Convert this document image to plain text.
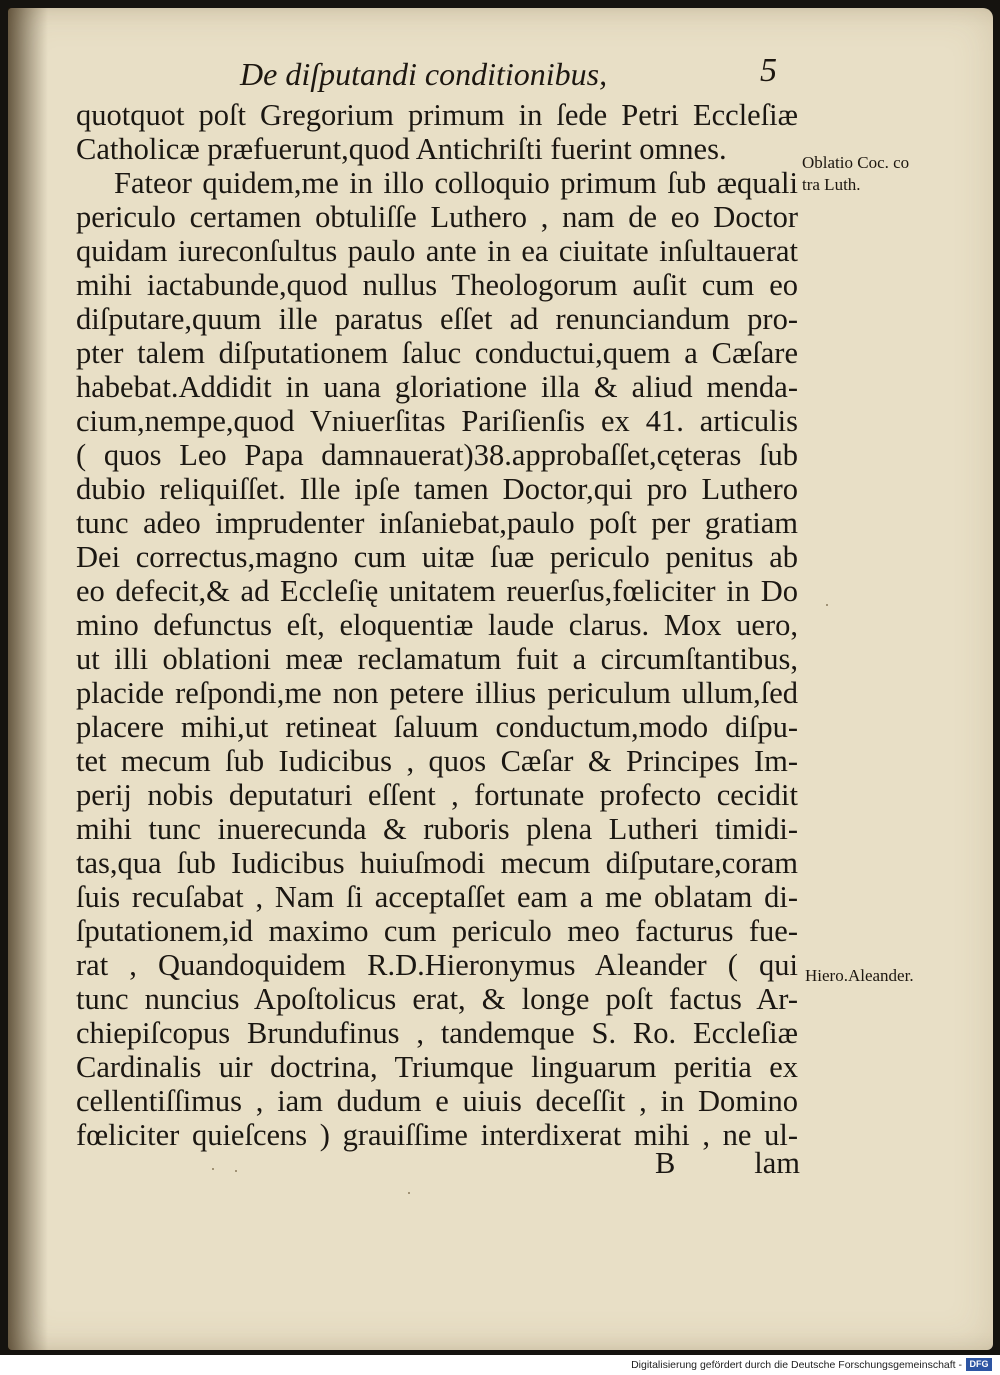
De diſputandi conditionibus,	5
quotquot poſt Gregorium primum in ſede Petri Eccleſiæ
Catholicæ præfuerunt,quod Antichriſti fuerint omnes.
Fateor quidem,me in illo colloquio primum ſub æquali
periculo certamen obtuliſſe Luthero , nam de eo Doctor
quidam iureconſultus paulo ante in ea ciuitate inſultauerat
mihi iactabunde,quod nullus Theologorum auſit cum eo
diſputare,quum ille paratus eſſet ad renunciandum pro-
pter talem diſputationem ſaluc conductui,quem a Cæſare
habebat.Addidit in uana gloriatione illa & aliud menda-
cium,nempe,quod Vniuerſitas Pariſienſis ex 41. articulis
( quos Leo Papa damnauerat)38.approbaſſet,cęteras ſub
dubio reliquiſſet. Ille ipſe tamen Doctor,qui pro Luthero
tunc adeo imprudenter inſaniebat,paulo poſt per gratiam
Dei correctus,magno cum uitæ ſuæ periculo penitus ab
eo defecit,& ad Eccleſię unitatem reuerſus,fœliciter in Do
mino defunctus eſt, eloquentiæ laude clarus. Mox uero,
ut illi oblationi meæ reclamatum fuit a circumſtantibus,
placide reſpondi,me non petere illius periculum ullum,ſed
placere mihi,ut retineat ſaluum conductum,modo diſpu-
tet mecum ſub Iudicibus , quos Cæſar & Principes Im-
perij nobis deputaturi eſſent , fortunate profecto cecidit
mihi tunc inuerecunda & ruboris plena Lutheri timidi-
tas,qua ſub Iudicibus huiuſmodi mecum diſputare,coram
ſuis recuſabat , Nam ſi acceptaſſet eam a me oblatam di-
ſputationem,id maximo cum periculo meo facturus fue-
rat , Quandoquidem R.D.Hieronymus Aleander ( qui
tunc nuncius Apoſtolicus erat, & longe poſt factus Ar-
chiepiſcopus Brundufinus , tandemque S. Ro. Eccleſiæ
Cardinalis uir doctrina, Triumque linguarum peritia ex
cellentiſſimus , iam dudum e uiuis deceſſit , in Domino
fœliciter quieſcens ) grauiſſime interdixerat mihi , ne ul-
Oblatio Coc. co
tra Luth.
Hiero.Aleander.
B	lam
Digitalisierung gefördert durch die Deutsche Forschungsgemeinschaft - DFG
